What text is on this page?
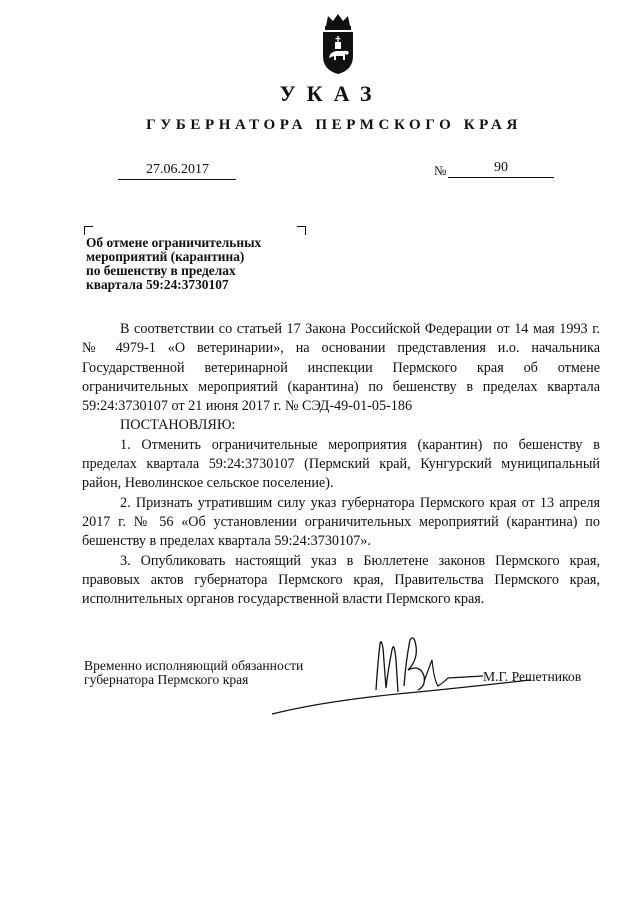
УКАЗ
ГУБЕРНАТОРА ПЕРМСКОГО КРАЯ
27.06.2017	№	90
Об отмене ограничительных
мероприятий (карантина)
по бешенству в пределах
квартала 59:24:3730107
В соответствии со статьей 17 Закона Российской Федерации от 14 мая 1993 г. № 4979-1 «О ветеринарии», на основании представления и.о. начальника Государственной ветеринарной инспекции Пермского края об отмене ограничительных мероприятий (карантина) по бешенству в пределах квартала 59:24:3730107 от 21 июня 2017 г. № СЭД-49-01-05-186
ПОСТАНОВЛЯЮ:
1. Отменить ограничительные мероприятия (карантин) по бешенству в пределах квартала 59:24:3730107 (Пермский край, Кунгурский муниципальный район, Неволинское сельское поселение).
2. Признать утратившим силу указ губернатора Пермского края от 13 апреля 2017 г. № 56 «Об установлении ограничительных мероприятий (карантина) по бешенству в пределах квартала 59:24:3730107».
3. Опубликовать настоящий указ в Бюллетене законов Пермского края, правовых актов губернатора Пермского края, Правительства Пермского края, исполнительных органов государственной власти Пермского края.
Временно исполняющий обязанности
губернатора Пермского края	М.Г. Решетников
